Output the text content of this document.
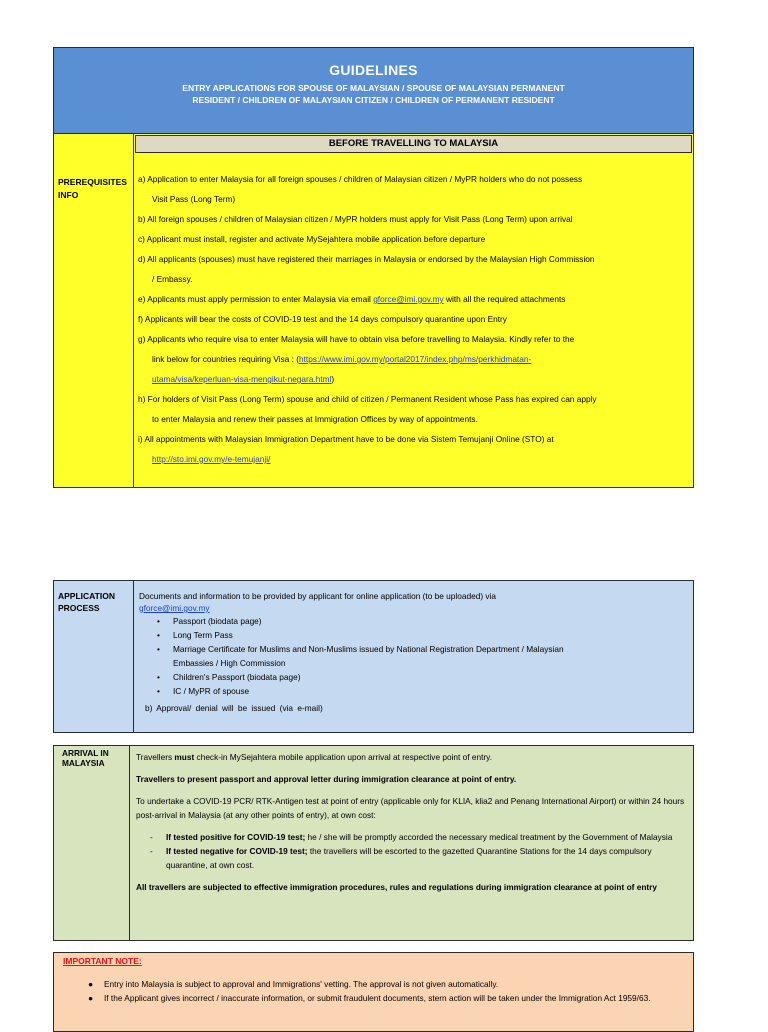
GUIDELINES
ENTRY APPLICATIONS FOR SPOUSE OF MALAYSIAN / SPOUSE OF MALAYSIAN PERMANENT RESIDENT / CHILDREN OF MALAYSIAN CITIZEN / CHILDREN OF PERMANENT RESIDENT
PREREQUISITES INFO
BEFORE TRAVELLING TO MALAYSIA
a) Application to enter Malaysia for all foreign spouses / children of Malaysian citizen / MyPR holders who do not possess
Visit Pass (Long Term)
b) All foreign spouses / children of Malaysian citizen / MyPR holders must apply for Visit Pass (Long Term) upon arrival
c) Applicant must install, register and activate MySejahtera mobile application before departure
d) All applicants (spouses) must have registered their marriages in Malaysia or endorsed by the Malaysian High Commission
/ Embassy.
e) Applicants must apply permission to enter Malaysia via email gforce@imi.gov.my with all the required attachments
f) Applicants will bear the costs of COVID-19 test and the 14 days compulsory quarantine upon Entry
g) Applicants who require visa to enter Malaysia will have to obtain visa before travelling to Malaysia. Kindly refer to the
link below for countries requiring Visa : (https://www.imi.gov.my/portal2017/index.php/ms/perkhidmatan-
utama/visa/keperluan-visa-mengikut-negara.html)
h) For holders of Visit Pass (Long Term) spouse and child of citizen / Permanent Resident whose Pass has expired can apply
to enter Malaysia and renew their passes at Immigration Offices by way of appointments.
i) All appointments with Malaysian Immigration Department have to be done via Sistem Temujanji Online (STO) at
http://sto.imi.gov.my/e-temujanji/
APPLICATION PROCESS
Documents and information to be provided by applicant for online application (to be uploaded) via
gforce@imi.gov.my
• Passport (biodata page)
• Long Term Pass
• Marriage Certificate for Muslims and Non-Muslims issued by National Registration Department / Malaysian
Embassies / High Commission
• Children's Passport (biodata page)
• IC / MyPR of spouse
b) Approval/ denial will be issued (via e-mail)
ARRIVAL IN MALAYSIA

Travellers must check-in MySejahtera mobile application upon arrival at respective point of entry.

Travellers to present passport and approval letter during immigration clearance at point of entry.

To undertake a COVID-19 PCR/ RTK-Antigen test at point of entry (applicable only for KLIA, klia2 and Penang International Airport) or within 24 hours post-arrival in Malaysia (at any other points of entry), at own cost:

- If tested positive for COVID-19 test; he / she will be promptly accorded the necessary medical treatment by the Government of Malaysia
- If tested negative for COVID-19 test; the travellers will be escorted to the gazetted Quarantine Stations for the 14 days compulsory quarantine, at own cost.

All travellers are subjected to effective immigration procedures, rules and regulations during immigration clearance at point of entry

IMPORTANT NOTE:
● Entry into Malaysia is subject to approval and Immigrations' vetting. The approval is not given automatically.
● If the Applicant gives incorrect / inaccurate information, or submit fraudulent documents, stern action will be taken under the Immigration Act 1959/63.
